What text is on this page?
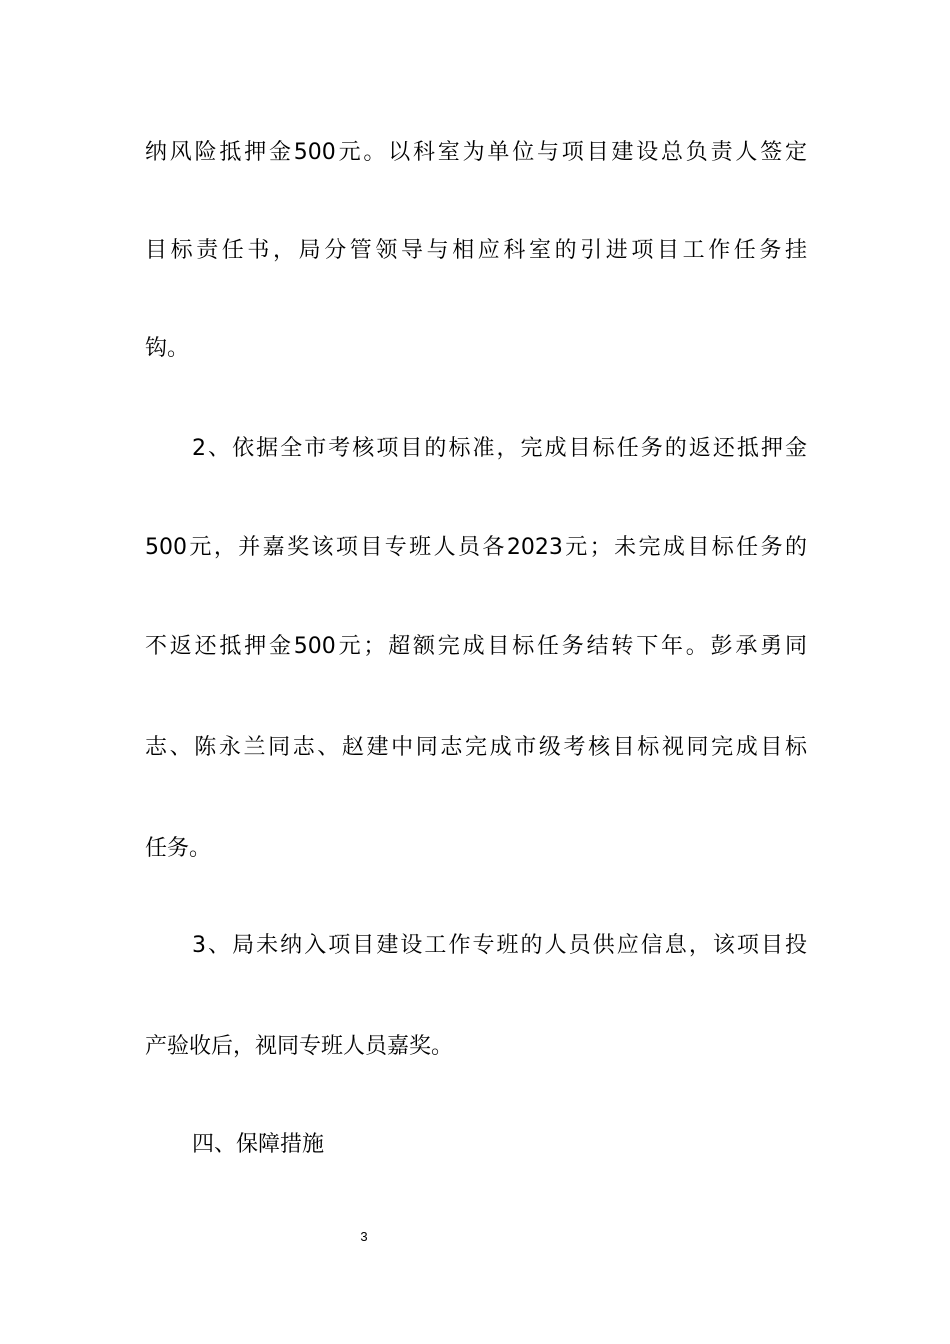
纳风险抵押金500元。以科室为单位与项目建设总负责人签定
目标责任书，局分管领导与相应科室的引进项目工作任务挂
钩。
2、依据全市考核项目的标准，完成目标任务的返还抵押金
500元，并嘉奖该项目专班人员各2023元；未完成目标任务的
不返还抵押金500元；超额完成目标任务结转下年。彭承勇同
志、陈永兰同志、赵建中同志完成市级考核目标视同完成目标
任务。
3、局未纳入项目建设工作专班的人员供应信息，该项目投
产验收后，视同专班人员嘉奖。
四、保障措施
3
